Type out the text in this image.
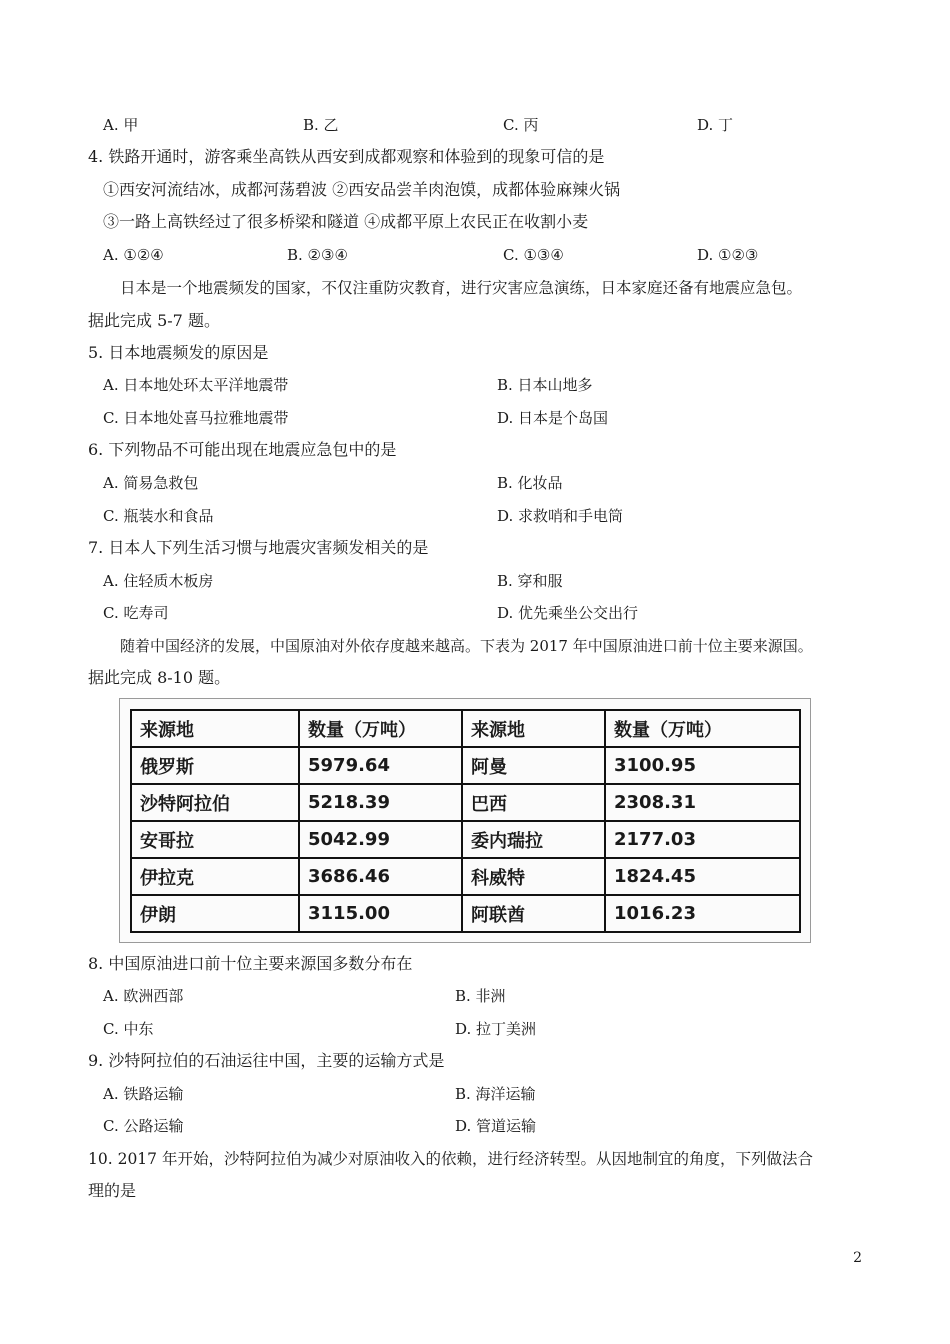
A. 甲	B. 乙	C. 丙	D. 丁
4. 铁路开通时，游客乘坐高铁从西安到成都观察和体验到的现象可信的是
①西安河流结冰，成都河荡碧波 ②西安品尝羊肉泡馍，成都体验麻辣火锅
③一路上高铁经过了很多桥梁和隧道 ④成都平原上农民正在收割小麦
A. ①②④	B. ②③④	C. ①③④	D. ①②③
日本是一个地震频发的国家，不仅注重防灾教育，进行灾害应急演练，日本家庭还备有地震应急包。
据此完成 5-7 题。
5. 日本地震频发的原因是
A. 日本地处环太平洋地震带	B. 日本山地多
C. 日本地处喜马拉雅地震带	D. 日本是个岛国
6. 下列物品不可能出现在地震应急包中的是
A. 简易急救包	B. 化妆品
C. 瓶装水和食品	D. 求救哨和手电筒
7. 日本人下列生活习惯与地震灾害频发相关的是
A. 住轻质木板房	B. 穿和服
C. 吃寿司	D. 优先乘坐公交出行
随着中国经济的发展，中国原油对外依存度越来越高。下表为 2017 年中国原油进口前十位主要来源国。
据此完成 8-10 题。
来源地	数量（万吨）	来源地	数量（万吨）
俄罗斯	5979.64	阿曼	3100.95
沙特阿拉伯	5218.39	巴西	2308.31
安哥拉	5042.99	委内瑞拉	2177.03
伊拉克	3686.46	科威特	1824.45
伊朗	3115.00	阿联酋	1016.23
8. 中国原油进口前十位主要来源国多数分布在
A. 欧洲西部	B. 非洲
C. 中东	D. 拉丁美洲
9. 沙特阿拉伯的石油运往中国，主要的运输方式是
A. 铁路运输	B. 海洋运输
C. 公路运输	D. 管道运输
10. 2017 年开始，沙特阿拉伯为减少对原油收入的依赖，进行经济转型。从因地制宜的角度，下列做法合
理的是
2
